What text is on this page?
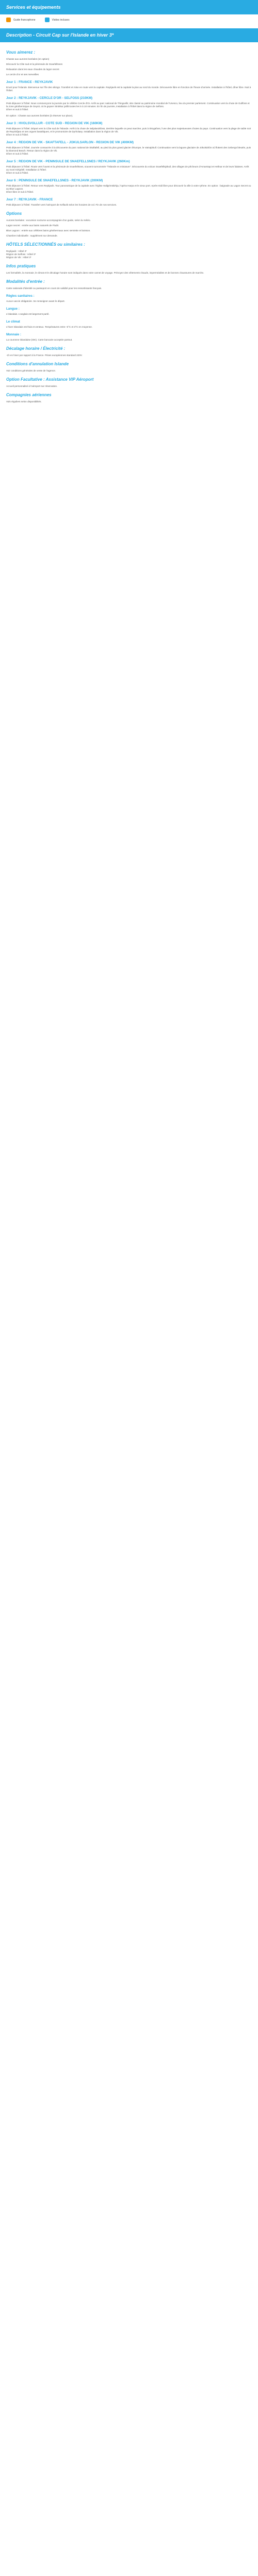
Services et équipements
Guide francophone	Visites incluses
Description - Circuit Cap sur l'Islande en hiver 3*
Vous aimerez :

Chasse aux aurores boréales (en option)

Découvrir la Côte sud et la péninsule de Snaefellsnes

Relaxation dans les eaux chaudes du lagon secret

Le cercle d'or et ses merveilles

Jour 1 : FRANCE - REYKJAVIK

Envol pour l'Islande. Bienvenue sur l'île des vikings. Transfert et mise en route vers la capitale. Reykjavik est la capitale la plus au nord du monde. Découverte libre en fonction de l'heure d'arrivée. Installation à l'hôtel, dîner libre. Nuit à l'hôtel.

Jour 2 : REYKJAVIK - CERCLE D'OR - SELFOSS (210KM)

Petit déjeuner à l'hôtel. Nous commençons la journée par le célèbre Cercle d'Or. Arrêt au parc national de Thingvellir, site classé au patrimoine mondial de l'Unesco, lieu du premier parlement. Continuation vers la chute de Gullfoss et la zone géothermique de Geysir, où le geyser Strokkur jaillit toutes les 5 à 10 minutes. En fin de journée, installation à l'hôtel dans la région de Selfoss.
Dîner et nuit à l'hôtel.

En option : Chasse aux aurores boréales (à réserver sur place).

Jour 3 : HVOLSVOLLUR - COTE SUD - REGION DE VIK (160KM)

Petit déjeuner à l'hôtel. Départ vers la Côte sud de l'Islande. Arrêt à la chute de Seljalandsfoss, derrière laquelle on peut marcher, puis à Skogafoss, l'une des plus majestueuses chutes du pays. Continuation vers la plage de sable noir de Reynisfjara et ses orgues basaltiques, et le promontoire de Dyrholaey. Installation dans la région de Vik.
Dîner et nuit à l'hôtel.

Jour 4 : REGION DE VIK - SKAFTAFELL - JOKULSARLON - REGION DE VIK (400KM)

Petit déjeuner à l'hôtel. Journée consacrée à la découverte du parc national de Skaftafell, au pied du plus grand glacier d'Europe, le Vatnajökull. Continuation vers la lagune glaciaire de Jökulsárlón où flottent des icebergs bleutés, puis la Diamond Beach. Retour dans la région de Vik.
Dîner et nuit à l'hôtel.

Jour 5 : REGION DE VIK - PENINSULE DE SNAEFELLSNES / REYKJAVIK (260Km)

Petit déjeuner à l'hôtel. Route vers l'ouest et la péninsule de Snaefellsnes, souvent surnommée "l'Islande en miniature". Découverte du volcan Snaefellsjökull, des villages de pêcheurs d'Arnarstapi et Hellnar et de leurs falaises. Arrêt au mont Kirkjufell. Installation à l'hôtel.
Dîner et nuit à l'hôtel.

Jour 6 : PENINSULE DE SNAEFELLSNES - REYKJAVIK (200KM)

Petit déjeuner à l'hôtel. Retour vers Reykjavik. Tour panoramique de la capitale avec l'église Hallgrimskirkja, l'opéra Harpa et le vieux port. Après-midi libre pour découvrir la ville à votre rythme. En option : baignade au Lagon Secret ou au Blue Lagoon.
Dîner libre et nuit à l'hôtel.

Jour 7 : REYKJAVIK - FRANCE

Petit déjeuner à l'hôtel. Transfert vers l'aéroport de Keflavik selon les horaires de vol. Fin de nos services.

Options

Aurores boréales : excursion nocturne accompagnée d'un guide, selon la météo.

Lagon secret : entrée aux bains naturels de Fludir.

Blue Lagoon : entrée aux célèbres bains géothermaux avec serviette et boisson.

Chambre individuelle : supplément sur demande.

HÔTELS SÉLECTIONNÉS ou similaires :

Reykjavik : Hôtel 3*
Région de Selfoss : Hôtel 3*
Région de Vik : Hôtel 3*

Infos pratiques

Les formalités, la monnaie, le climat et le décalage horaire sont indiqués dans votre carnet de voyage. Prévoyez des vêtements chauds, imperméables et de bonnes chaussures de marche.

Modalités d'entrée :

Carte nationale d'identité ou passeport en cours de validité pour les ressortissants français.

Règles sanitaires :

Aucun vaccin obligatoire. Se renseigner avant le départ.

Langue :

L'islandais. L'anglais est largement parlé.

Le climat

L'hiver islandais est frais et venteux. Températures entre -5°C et 3°C en moyenne.

Monnaie :

La couronne islandaise (ISK). Carte bancaire acceptée partout.

Décalage horaire / Électricité :

-1h en hiver par rapport à la France. Prises européennes standard 220V.

Conditions d'annulation Islande

Voir conditions générales de vente de l'agence.

Option Facultative : Assistance VIP Aéroport

Accueil personnalisé à l'aéroport sur réservation.

Compagnies aériennes

Vols réguliers selon disponibilités.
